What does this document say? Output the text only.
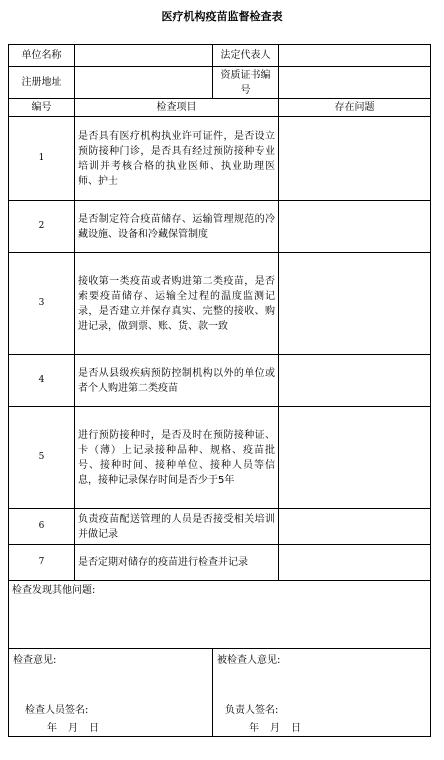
医疗机构疫苗监督检查表
单位名称		法定代表人	
注册地址		资质证书编号	
编号	检查项目		存在问题
1	是否具有医疗机构执业许可证件，是否设立预防接种门诊，是否具有经过预防接种专业培训并考核合格的执业医师、执业助理医师、护士		
2	是否制定符合疫苗储存、运输管理规范的冷藏设施、设备和冷藏保管制度		
3	接收第一类疫苗或者购进第二类疫苗，是否索要疫苗储存、运输全过程的温度监测记录，是否建立并保存真实、完整的接收、购进记录，做到票、账、货、款一致		
4	是否从县级疾病预防控制机构以外的单位或者个人购进第二类疫苗		
5	进行预防接种时，是否及时在预防接种证、卡（薄）上记录接种品种、规格、疫苗批号、接种时间、接种单位、接种人员等信息，接种记录保存时间是否少于5年		
6	负责疫苗配送管理的人员是否接受相关培训并做记录		
7	是否定期对储存的疫苗进行检查并记录		
检查发现其他问题:			

检查意见:
检查人员签名:
年　月　日		被检查人意见:
负责人签名:
年　月　日	
